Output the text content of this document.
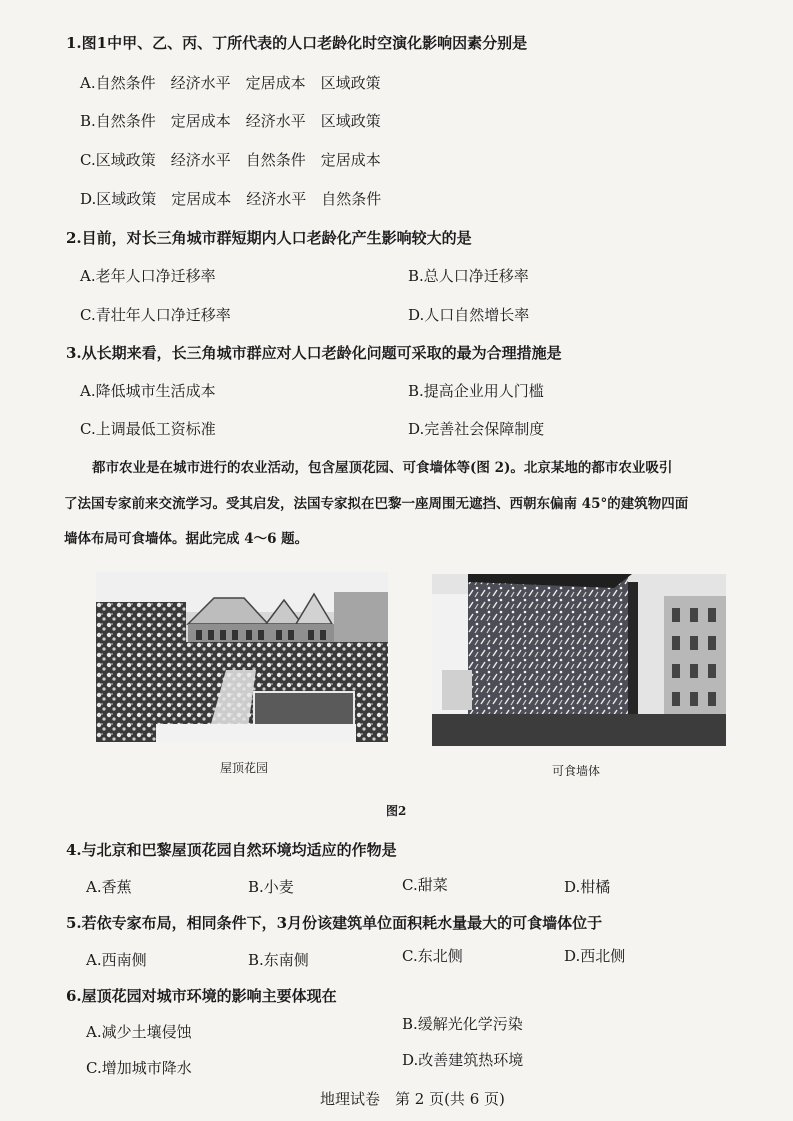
1.图1中甲、乙、丙、丁所代表的人口老龄化时空演化影响因素分别是
A.自然条件　经济水平　定居成本　区域政策
B.自然条件　定居成本　经济水平　区域政策
C.区域政策　经济水平　自然条件　定居成本
D.区域政策　定居成本　经济水平　自然条件
2.目前，对长三角城市群短期内人口老龄化产生影响较大的是
A.老年人口净迁移率	B.总人口净迁移率
C.青壮年人口净迁移率	D.人口自然增长率
3.从长期来看，长三角城市群应对人口老龄化问题可采取的最为合理措施是
A.降低城市生活成本	B.提高企业用人门槛
C.上调最低工资标准	D.完善社会保障制度
都市农业是在城市进行的农业活动，包含屋顶花园、可食墙体等(图 2)。北京某地的都市农业吸引
了法国专家前来交流学习。受其启发，法国专家拟在巴黎一座周围无遮挡、西朝东偏南 45°的建筑物四面
墙体布局可食墙体。据此完成 4～6 题。
屋顶花园	可食墙体
图2
4.与北京和巴黎屋顶花园自然环境均适应的作物是
A.香蕉	B.小麦	C.甜菜	D.柑橘
5.若依专家布局，相同条件下，3月份该建筑单位面积耗水量最大的可食墙体位于
A.西南侧	B.东南侧	C.东北侧	D.西北侧
6.屋顶花园对城市环境的影响主要体现在
A.减少土壤侵蚀	B.缓解光化学污染
C.增加城市降水	D.改善建筑热环境
地理试卷　第 2 页(共 6 页)
